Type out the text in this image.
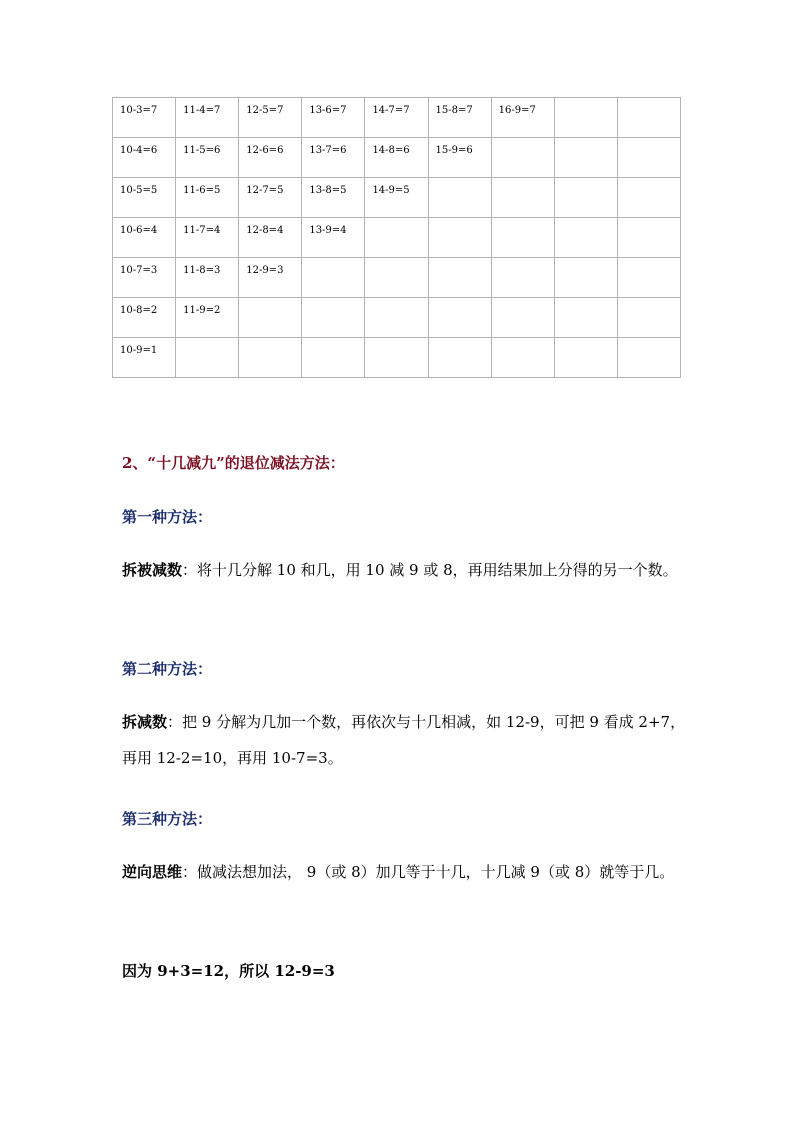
10-3=7	11-4=7	12-5=7	13-6=7	14-7=7	15-8=7	16-9=7		

10-4=6	11-5=6	12-6=6	13-7=6	14-8=6	15-9=6			

10-5=5	11-6=5	12-7=5	13-8=5	14-9=5				

10-6=4	11-7=4	12-8=4	13-9=4					

10-7=3	11-8=3	12-9=3						

10-8=2	11-9=2							

10-9=1								

2、“十几减九”的退位减法方法：
第一种方法：
拆被减数：将十几分解 10 和几，用 10 减 9 或 8，再用结果加上分得的另一个数。
第二种方法：
拆减数：把 9 分解为几加一个数，再依次与十几相减，如 12-9，可把 9 看成 2+7，再用 12-2=10，再用 10-7=3。
第三种方法：
逆向思维：做减法想加法， 9（或 8）加几等于十几，十几减 9（或 8）就等于几。
因为 9+3=12，所以 12-9=3
